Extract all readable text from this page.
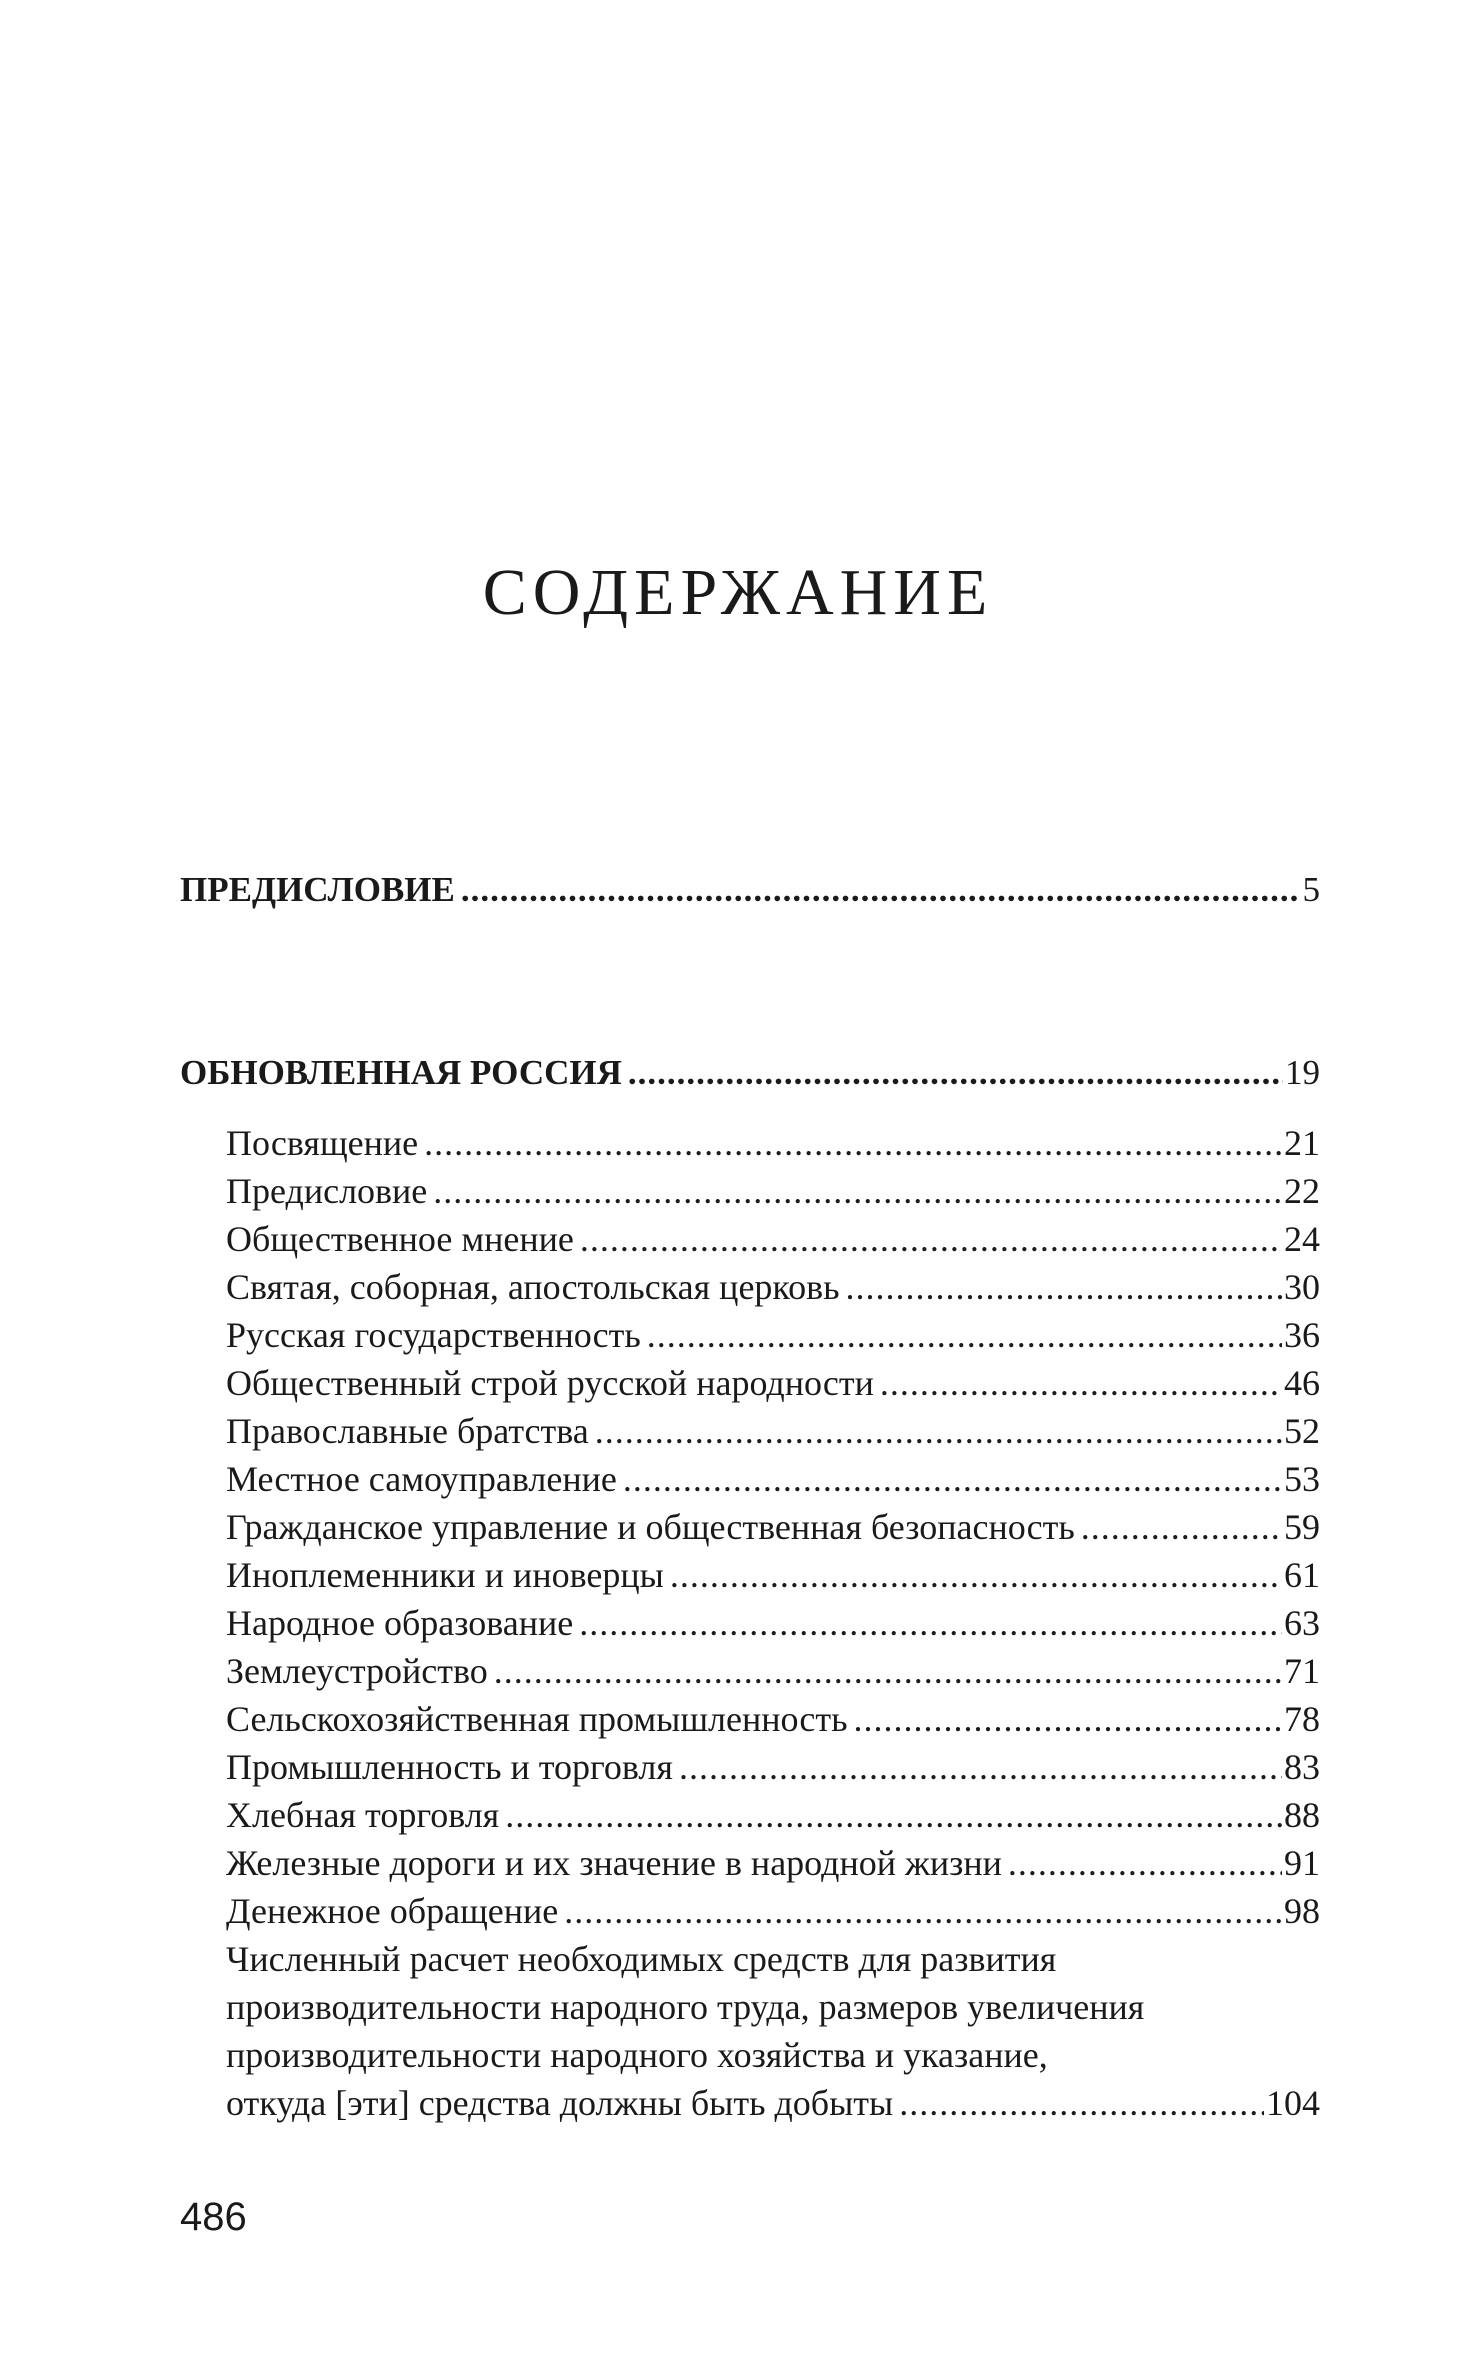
СОДЕРЖАНИЕ
ПРЕДИСЛОВИЕ .....	5
ОБНОВЛЕННАЯ РОССИЯ .....	19
Посвящение .....	21
Предисловие .....	22
Общественное мнение .....	24
Святая, соборная, апостольская церковь .....	30
Русская государственность .....	36
Общественный строй русской народности .....	46
Православные братства .....	52
Местное самоуправление .....	53
Гражданское управление и общественная безопасность .....	59
Иноплеменники и иноверцы .....	61
Народное образование .....	63
Землеустройство .....	71
Сельскохозяйственная промышленность .....	78
Промышленность и торговля .....	83
Хлебная торговля .....	88
Железные дороги и их значение в народной жизни .....	91
Денежное обращение .....	98
Численный расчет необходимых средств для развития
производительности народного труда, размеров увеличения
производительности народного хозяйства и указание,
откуда [эти] средства должны быть добыты .....	104
486
